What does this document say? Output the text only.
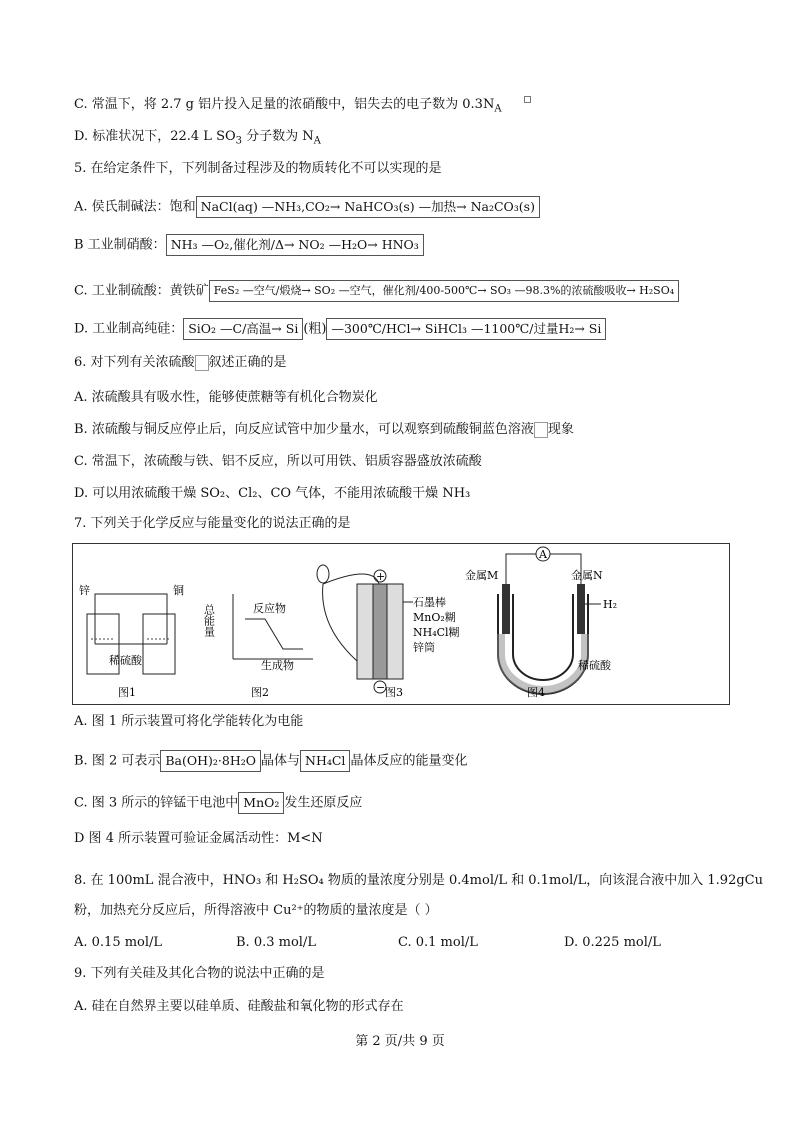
C. 常温下，将 2.7 g 铝片投入足量的浓硝酸中，铝失去的电子数为 $0.3N_A$
D. 标准状况下，22.4 L $SO_3$ 分子数为 $N_A$
5. 在给定条件下，下列制备过程涉及的物质转化不可以实现的是
A. 侯氏制碱法：饱和 NaCl(aq) —NH₃,CO₂→ NaHCO₃(s) —加热→ Na₂CO₃(s)
B 工业制硝酸： NH₃ —O₂,催化剂/Δ→ NO₂ —H₂O→ HNO₃
C. 工业制硫酸：黄铁矿 FeS₂ —空气/煅烧→ SO₂ —空气，催化剂/400-500℃→ SO₃ —98.3%的浓硫酸吸收→ H₂SO₄
D. 工业制高纯硅： SiO₂ —C/高温→ Si (粗) —300℃/HCl→ SiHCl₃ —1100℃/过量H₂→ Si
6. 对下列有关浓硫酸 叙述正确的是
A. 浓硫酸具有吸水性，能够使蔗糖等有机化合物炭化
B. 浓硫酸与铜反应停止后，向反应试管中加少量水，可以观察到硫酸铜蓝色溶液 现象
C. 常温下，浓硫酸与铁、铝不反应，所以可用铁、铝质容器盛放浓硫酸
D. 可以用浓硫酸干燥 SO₂、Cl₂、CO 气体，不能用浓硫酸干燥 NH₃
7. 下列关于化学反应与能量变化的说法正确的是
锌	铜
稀硫酸
图1
总能量	反应物
生成物
图2
+
−
石墨棒
MnO₂糊
NH₄Cl糊
锌筒
图3
A
H₂
金属M	金属N
稀硫酸
图4
A. 图 1 所示装置可将化学能转化为电能
B. 图 2 可表示 Ba(OH)₂·8H₂O 晶体与 NH₄Cl 晶体反应的能量变化
C. 图 3 所示的锌锰干电池中 MnO₂ 发生还原反应
D 图 4 所示装置可验证金属活动性：M<N
8. 在 100mL 混合液中，HNO₃ 和 H₂SO₄ 物质的量浓度分别是 0.4mol/L 和 0.1mol/L，向该混合液中加入 1.92gCu
粉，加热充分反应后，所得溶液中 Cu²⁺的物质的量浓度是（ ）
A. 0.15 mol/L	B. 0.3 mol/L	C. 0.1 mol/L	D. 0.225 mol/L
9. 下列有关硅及其化合物的说法中正确的是
A. 硅在自然界主要以硅单质、硅酸盐和氧化物的形式存在
第 2 页/共 9 页
